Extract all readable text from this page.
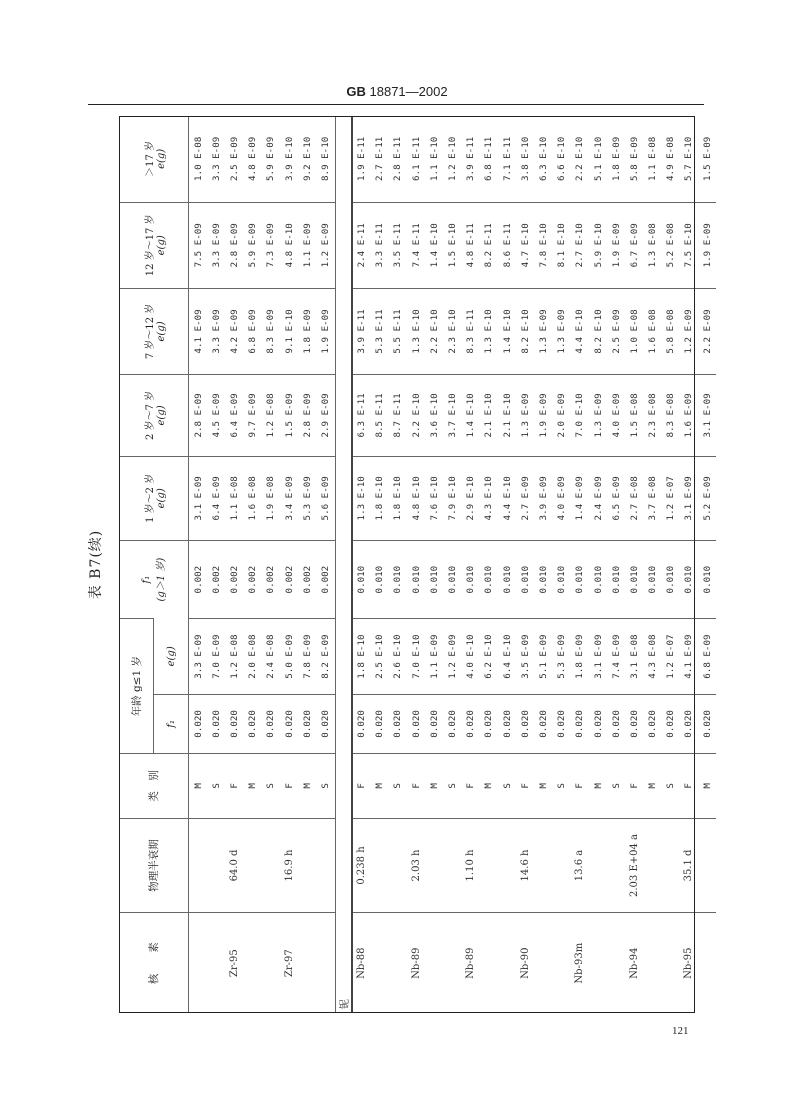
GB 18871—2002
表 B7(续)
核　　素	物理半衰期	类　别	年龄 g≤1 岁		f₁ (g＞1 岁)	1 岁～2 岁 e(g)	2 岁～7 岁 e(g)	7 岁～12 岁 e(g)	12 岁～17 岁 e(g)	＞17 岁 e(g)

			f₁	e(g)						
		M	0.020	3.3 E-09	0.002	3.1 E-09	2.8 E-09	4.1 E-09	7.5 E-09	1.0 E-08
		S	0.020	7.0 E-09	0.002	6.4 E-09	4.5 E-09	3.3 E-09	3.3 E-09	3.3 E-09
Zr-95	64.0 d	F	0.020	1.2 E-08	0.002	1.1 E-08	6.4 E-09	4.2 E-09	2.8 E-09	2.5 E-09
		M	0.020	2.0 E-08	0.002	1.6 E-08	9.7 E-09	6.8 E-09	5.9 E-09	4.8 E-09
		S	0.020	2.4 E-08	0.002	1.9 E-08	1.2 E-08	8.3 E-09	7.3 E-09	5.9 E-09
Zr-97	16.9 h	F	0.020	5.0 E-09	0.002	3.4 E-09	1.5 E-09	9.1 E-10	4.8 E-10	3.9 E-10
		M	0.020	7.8 E-09	0.002	5.3 E-09	2.8 E-09	1.8 E-09	1.1 E-09	9.2 E-10
		S	0.020	8.2 E-09	0.002	5.6 E-09	2.9 E-09	1.9 E-09	1.2 E-09	8.9 E-10
铌										
Nb-88	0.238 h	F	0.020	1.8 E-10	0.010	1.3 E-10	6.3 E-11	3.9 E-11	2.4 E-11	1.9 E-11
		M	0.020	2.5 E-10	0.010	1.8 E-10	8.5 E-11	5.3 E-11	3.3 E-11	2.7 E-11
		S	0.020	2.6 E-10	0.010	1.8 E-10	8.7 E-11	5.5 E-11	3.5 E-11	2.8 E-11
Nb-89	2.03 h	F	0.020	7.0 E-10	0.010	4.8 E-10	2.2 E-10	1.3 E-10	7.4 E-11	6.1 E-11
		M	0.020	1.1 E-09	0.010	7.6 E-10	3.6 E-10	2.2 E-10	1.4 E-10	1.1 E-10
		S	0.020	1.2 E-09	0.010	7.9 E-10	3.7 E-10	2.3 E-10	1.5 E-10	1.2 E-10
Nb-89	1.10 h	F	0.020	4.0 E-10	0.010	2.9 E-10	1.4 E-10	8.3 E-11	4.8 E-11	3.9 E-11
		M	0.020	6.2 E-10	0.010	4.3 E-10	2.1 E-10	1.3 E-10	8.2 E-11	6.8 E-11
		S	0.020	6.4 E-10	0.010	4.4 E-10	2.1 E-10	1.4 E-10	8.6 E-11	7.1 E-11
Nb-90	14.6 h	F	0.020	3.5 E-09	0.010	2.7 E-09	1.3 E-09	8.2 E-10	4.7 E-10	3.8 E-10
		M	0.020	5.1 E-09	0.010	3.9 E-09	1.9 E-09	1.3 E-09	7.8 E-10	6.3 E-10
		S	0.020	5.3 E-09	0.010	4.0 E-09	2.0 E-09	1.3 E-09	8.1 E-10	6.6 E-10
Nb-93m	13.6 a	F	0.020	1.8 E-09	0.010	1.4 E-09	7.0 E-10	4.4 E-10	2.7 E-10	2.2 E-10
		M	0.020	3.1 E-09	0.010	2.4 E-09	1.3 E-09	8.2 E-10	5.9 E-10	5.1 E-10
		S	0.020	7.4 E-09	0.010	6.5 E-09	4.0 E-09	2.5 E-09	1.9 E-09	1.8 E-09
Nb-94	2.03 E+04 a	F	0.020	3.1 E-08	0.010	2.7 E-08	1.5 E-08	1.0 E-08	6.7 E-09	5.8 E-09
		M	0.020	4.3 E-08	0.010	3.7 E-08	2.3 E-08	1.6 E-08	1.3 E-08	1.1 E-08
		S	0.020	1.2 E-07	0.010	1.2 E-07	8.3 E-08	5.8 E-08	5.2 E-08	4.9 E-08
Nb-95	35.1 d	F	0.020	4.1 E-09	0.010	3.1 E-09	1.6 E-09	1.2 E-09	7.5 E-10	5.7 E-10
		M	0.020	6.8 E-09	0.010	5.2 E-09	3.1 E-09	2.2 E-09	1.9 E-09	1.5 E-09
121
